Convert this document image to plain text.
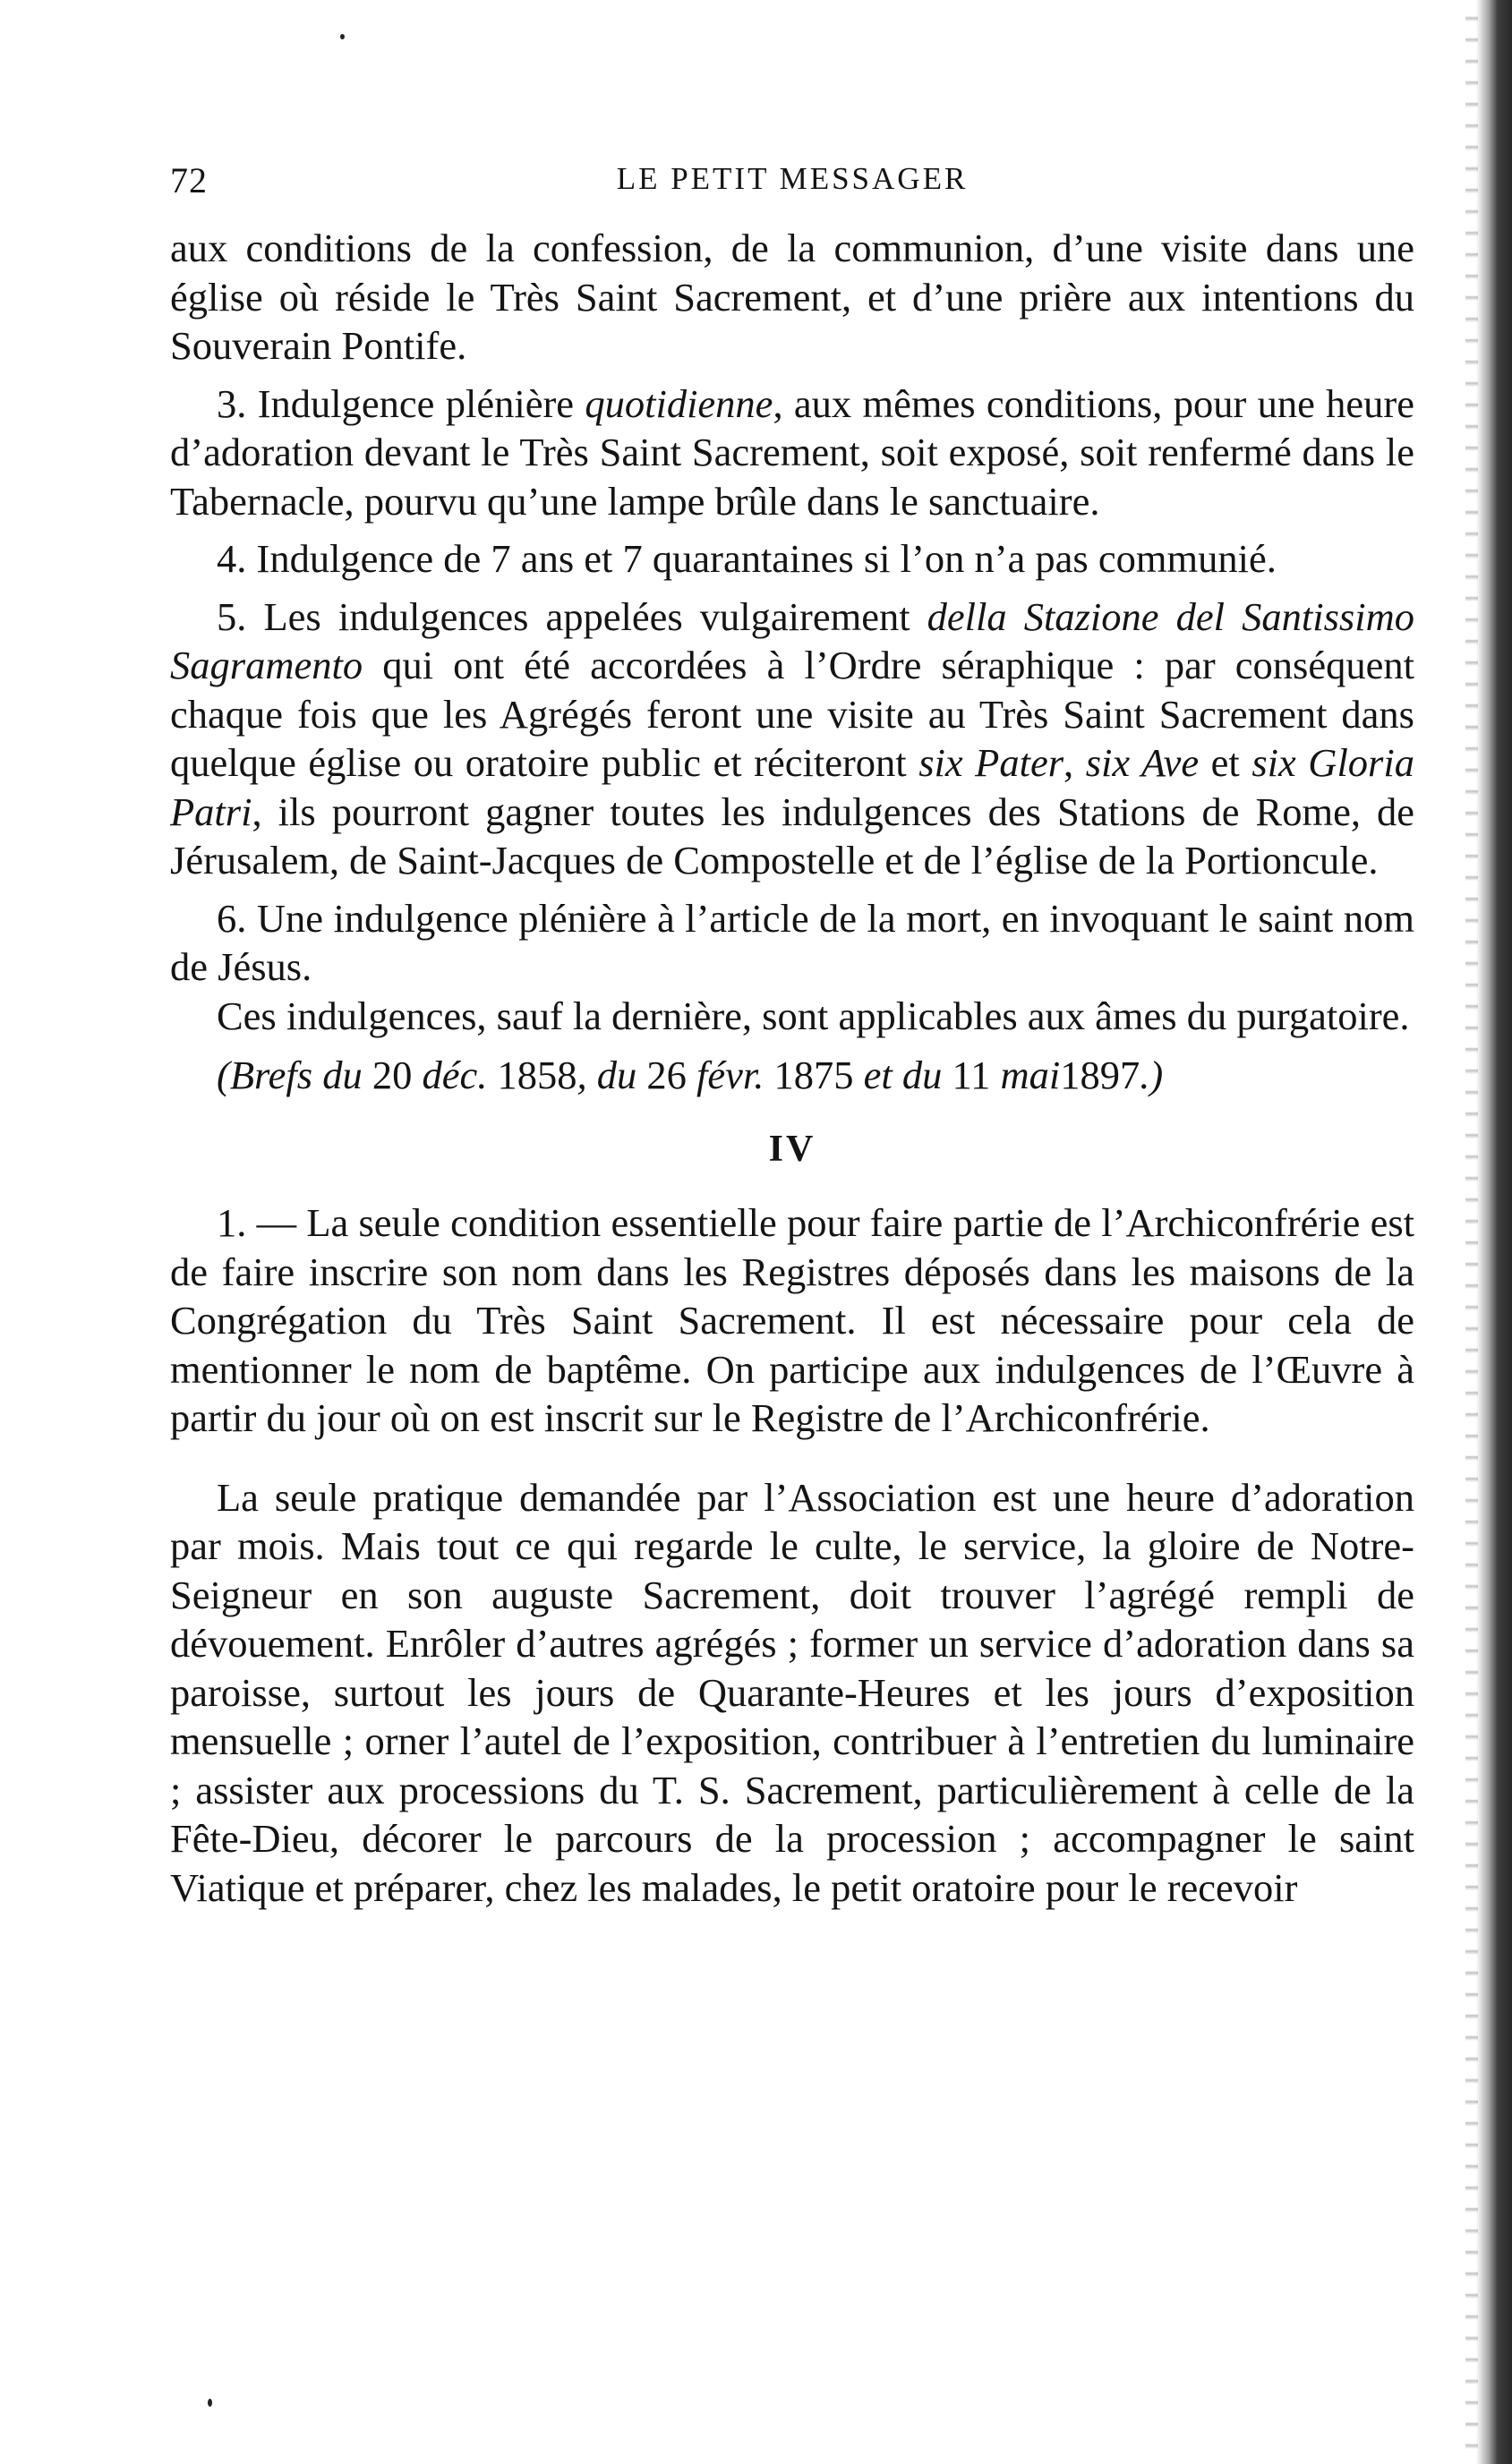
72	LE PETIT MESSAGER

aux conditions de la confession, de la communion, d’une visite dans une église où réside le Très Saint Sacrement, et d’une prière aux intentions du Souverain Pontife.

3. Indulgence plénière quotidienne, aux mêmes conditions, pour une heure d’adoration devant le Très Saint Sacrement, soit exposé, soit renfermé dans le Tabernacle, pourvu qu’une lampe brûle dans le sanctuaire.

4. Indulgence de 7 ans et 7 quarantaines si l’on n’a pas communié.

5. Les indulgences appelées vulgairement della Stazione del Santissimo Sagramento qui ont été accordées à l’Ordre séraphique : par conséquent chaque fois que les Agrégés feront une visite au Très Saint Sacrement dans quelque église ou oratoire public et réciteront six Pater, six Ave et six Gloria Patri, ils pourront gagner toutes les indulgences des Stations de Rome, de Jérusalem, de Saint-Jacques de Compostelle et de l’église de la Portioncule.

6. Une indulgence plénière à l’article de la mort, en invoquant le saint nom de Jésus.

Ces indulgences, sauf la dernière, sont applicables aux âmes du purgatoire.

(Brefs du 20 déc. 1858, du 26 févr. 1875 et du 11 mai1897.)

IV

1. — La seule condition essentielle pour faire partie de l’Archiconfrérie est de faire inscrire son nom dans les Registres déposés dans les maisons de la Congrégation du Très Saint Sacrement. Il est nécessaire pour cela de mentionner le nom de baptême. On participe aux indulgences de l’Œuvre à partir du jour où on est inscrit sur le Registre de l’Archiconfrérie.

La seule pratique demandée par l’Association est une heure d’adoration par mois. Mais tout ce qui regarde le culte, le service, la gloire de Notre-Seigneur en son auguste Sacrement, doit trouver l’agrégé rempli de dévouement. Enrôler d’autres agrégés ; former un service d’adoration dans sa paroisse, surtout les jours de Quarante-Heures et les jours d’exposition mensuelle ; orner l’autel de l’exposition, contribuer à l’entretien du luminaire ; assister aux processions du T. S. Sacrement, particulièrement à celle de la Fête-Dieu, décorer le parcours de la procession ; accompagner le saint Viatique et préparer, chez les malades, le petit oratoire pour le recevoir
